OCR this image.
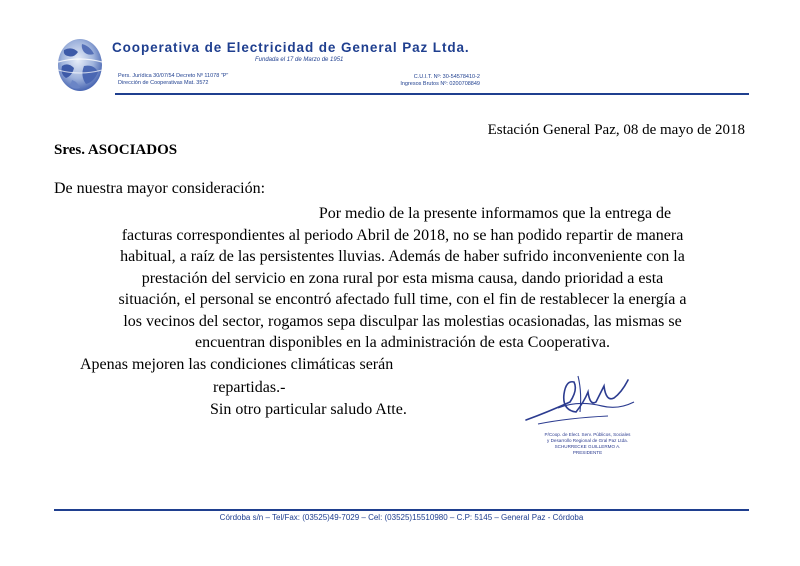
Cooperativa de Electricidad de General Paz Ltda.
Fundada el 17 de Marzo de 1951
Pers. Jurídica 30/07/54 Decreto Nº 11078 "P"
Dirección de Cooperativas Mat. 3572
C.U.I.T. Nº: 30-54578410-2
Ingresos Brutos Nº: 0200708849
Estación General Paz, 08 de mayo de 2018
Sres. ASOCIADOS
De nuestra mayor consideración:
Por medio de la presente informamos que la entrega de
facturas correspondientes al periodo Abril de 2018, no se han podido repartir de manera
habitual, a raíz de las persistentes lluvias. Además de haber sufrido inconveniente con la
prestación del servicio en zona rural por esta misma causa, dando prioridad a esta
situación, el personal se encontró afectado full time, con el fin de restablecer la energía a
los vecinos del sector, rogamos sepa disculpar las molestias ocasionadas, las mismas se
encuentran disponibles en la administración de esta Cooperativa.
Apenas mejoren las condiciones climáticas serán
repartidas.-
Sin otro particular saludo Atte.
P/Coop. de Elect. Serv. Públicos, Sociales
y Desarrollo Regional de Gral Paz Ltda.
SCHURRECKE GUILLERMO A.
PRESIDENTE
Córdoba s/n – Tel/Fax: (03525)49-7029 – Cel: (03525)15510980 – C.P: 5145 – General Paz - Córdoba
